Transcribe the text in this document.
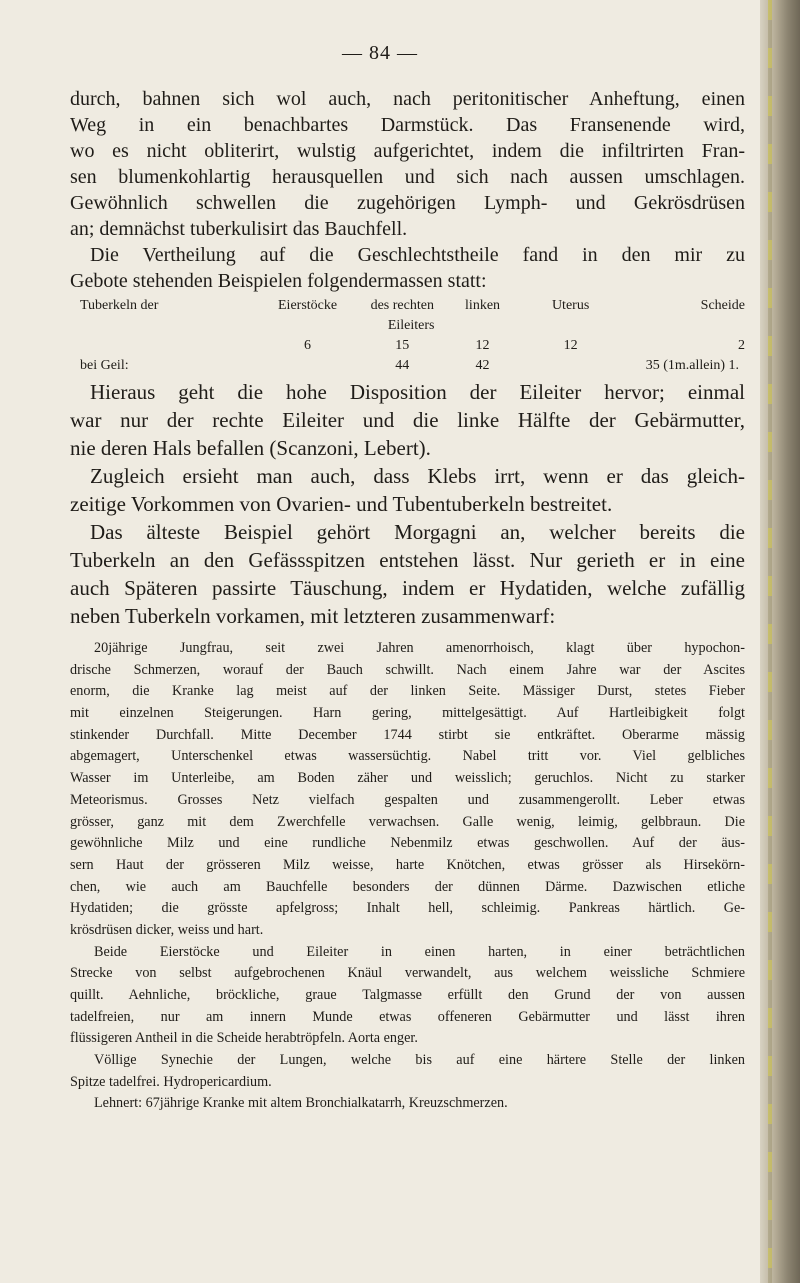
— 84 —

durch, bahnen sich wol auch, nach peritonitischer Anheftung, einen
Weg in ein benachbartes Darmstück. Das Fransenende wird,
wo es nicht obliterirt, wulstig aufgerichtet, indem die infiltrirten Fran-
sen blumenkohlartig herausquellen und sich nach aussen umschlagen.
Gewöhnlich schwellen die zugehörigen Lymph- und Gekrösdrüsen
an; demnächst tuberkulisirt das Bauchfell.

Die Vertheilung auf die Geschlechtstheile fand in den mir zu
Gebote stehenden Beispielen folgendermassen statt:

Tuberkeln der	Eierstöcke	des rechten	linken	Uterus	Scheide
		Eileiters			
	6	15	12	12	2
bei Geil:		44	42	35 (1m.allein) 1.	

Hieraus geht die hohe Disposition der Eileiter hervor; einmal
war nur der rechte Eileiter und die linke Hälfte der Gebärmutter,
nie deren Hals befallen (Scanzoni, Lebert).
Zugleich ersieht man auch, dass Klebs irrt, wenn er das gleich-
zeitige Vorkommen von Ovarien- und Tubentuberkeln bestreitet.
Das älteste Beispiel gehört Morgagni an, welcher bereits die
Tuberkeln an den Gefässspitzen entstehen lässt. Nur gerieth er in eine
auch Späteren passirte Täuschung, indem er Hydatiden, welche zufällig
neben Tuberkeln vorkamen, mit letzteren zusammenwarf:

20jährige Jungfrau, seit zwei Jahren amenorrhoisch, klagt über hypochon-
drische Schmerzen, worauf der Bauch schwillt. Nach einem Jahre war der Ascites
enorm, die Kranke lag meist auf der linken Seite. Mässiger Durst, stetes Fieber
mit einzelnen Steigerungen. Harn gering, mittelgesättigt. Auf Hartleibigkeit folgt
stinkender Durchfall. Mitte December 1744 stirbt sie entkräftet. Oberarme mässig
abgemagert, Unterschenkel etwas wassersüchtig. Nabel tritt vor. Viel gelbliches
Wasser im Unterleibe, am Boden zäher und weisslich; geruchlos. Nicht zu starker
Meteorismus. Grosses Netz vielfach gespalten und zusammengerollt. Leber etwas
grösser, ganz mit dem Zwerchfelle verwachsen. Galle wenig, leimig, gelbbraun. Die
gewöhnliche Milz und eine rundliche Nebenmilz etwas geschwollen. Auf der äus-
sern Haut der grösseren Milz weisse, harte Knötchen, etwas grösser als Hirsekörn-
chen, wie auch am Bauchfelle besonders der dünnen Därme. Dazwischen etliche
Hydatiden; die grösste apfelgross; Inhalt hell, schleimig. Pankreas härtlich. Ge-
krösdrüsen dicker, weiss und hart.
Beide Eierstöcke und Eileiter in einen harten, in einer beträchtlichen
Strecke von selbst aufgebrochenen Knäul verwandelt, aus welchem weissliche Schmiere
quillt. Aehnliche, bröckliche, graue Talgmasse erfüllt den Grund der von aussen
tadelfreien, nur am innern Munde etwas offeneren Gebärmutter und lässt ihren
flüssigeren Antheil in die Scheide herabtröpfeln. Aorta enger.
Völlige Synechie der Lungen, welche bis auf eine härtere Stelle der linken
Spitze tadelfrei. Hydropericardium.
Lehnert: 67jährige Kranke mit altem Bronchialkatarrh, Kreuzschmerzen.
